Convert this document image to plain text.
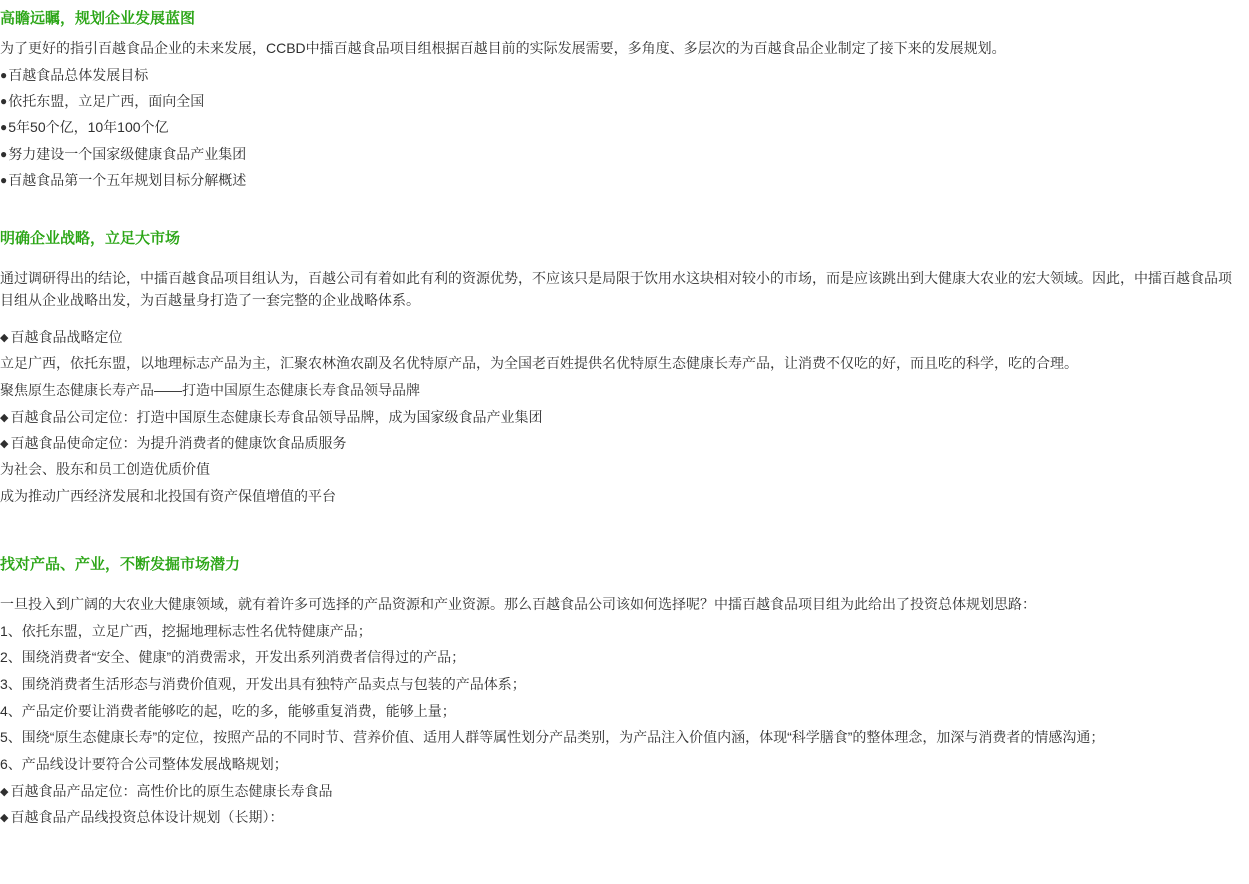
高瞻远瞩，规划企业发展蓝图
为了更好的指引百越食品企业的未来发展，CCBD中擂百越食品项目组根据百越目前的实际发展需要，多角度、多层次的为百越食品企业制定了接下来的发展规划。
●百越食品总体发展目标
●依托东盟，立足广西，面向全国
●5年50个亿，10年100个亿
●努力建设一个国家级健康食品产业集团
●百越食品第一个五年规划目标分解概述
明确企业战略，立足大市场
通过调研得出的结论，中擂百越食品项目组认为，百越公司有着如此有利的资源优势，不应该只是局限于饮用水这块相对较小的市场，而是应该跳出到大健康大农业的宏大领域。因此，中擂百越食品项目组从企业战略出发，为百越量身打造了一套完整的企业战略体系。
◆ 百越食品战略定位
立足广西，依托东盟，以地理标志产品为主，汇聚农林渔农副及名优特原产品，为全国老百姓提供名优特原生态健康长寿产品，让消费不仅吃的好，而且吃的科学，吃的合理。
聚焦原生态健康长寿产品——打造中国原生态健康长寿食品领导品牌
◆ 百越食品公司定位：打造中国原生态健康长寿食品领导品牌，成为国家级食品产业集团
◆ 百越食品使命定位：为提升消费者的健康饮食品质服务
为社会、股东和员工创造优质价值
成为推动广西经济发展和北投国有资产保值增值的平台
找对产品、产业，不断发掘市场潜力
一旦投入到广阔的大农业大健康领域，就有着许多可选择的产品资源和产业资源。那么百越食品公司该如何选择呢？中擂百越食品项目组为此给出了投资总体规划思路：
1、依托东盟，立足广西，挖掘地理标志性名优特健康产品；
2、围绕消费者“安全、健康”的消费需求，开发出系列消费者信得过的产品；
3、围绕消费者生活形态与消费价值观，开发出具有独特产品卖点与包装的产品体系；
4、产品定价要让消费者能够吃的起，吃的多，能够重复消费，能够上量；
5、围绕“原生态健康长寿”的定位，按照产品的不同时节、营养价值、适用人群等属性划分产品类别，为产品注入价值内涵，体现“科学膳食”的整体理念，加深与消费者的情感沟通；
6、产品线设计要符合公司整体发展战略规划；
◆ 百越食品产品定位：高性价比的原生态健康长寿食品
◆ 百越食品产品线投资总体设计规划（长期）：
